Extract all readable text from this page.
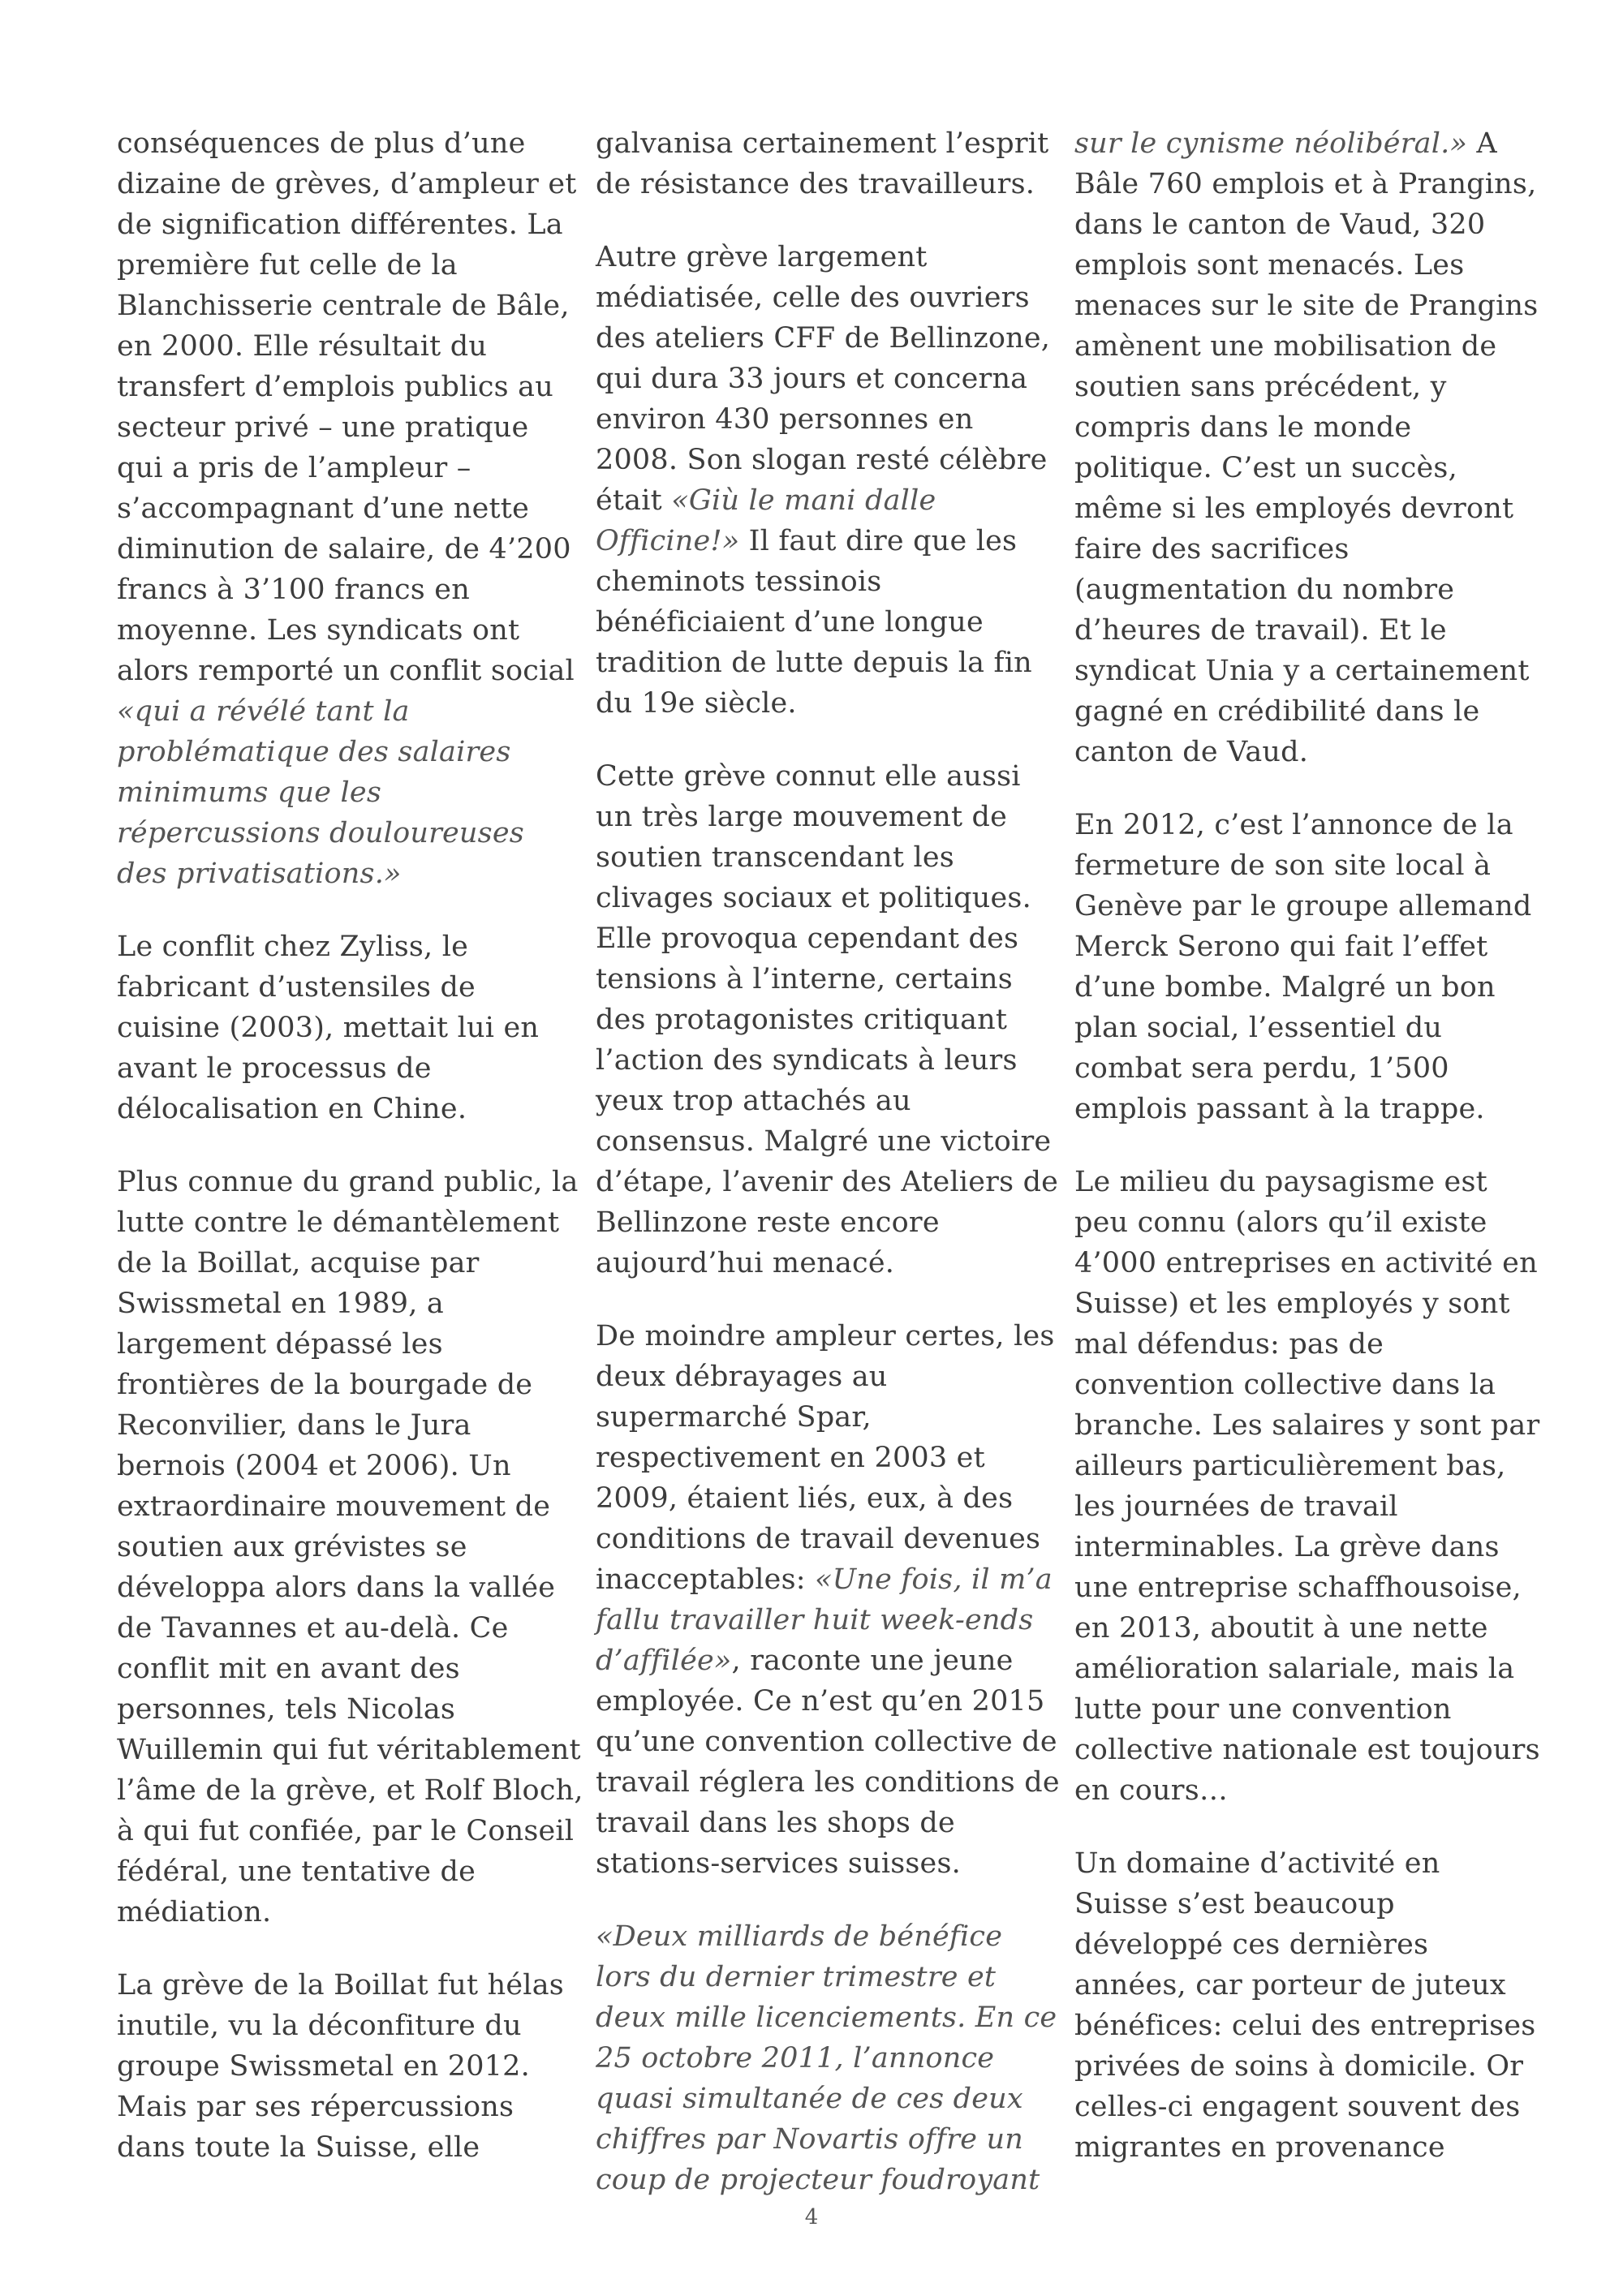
conséquences de plus d’une
dizaine de grèves, d’ampleur et
de signification différentes. La
première fut celle de la
Blanchisserie centrale de Bâle,
en 2000. Elle résultait du
transfert d’emplois publics au
secteur privé – une pratique
qui a pris de l’ampleur –
s’accompagnant d’une nette
diminution de salaire, de 4’200
francs à 3’100 francs en
moyenne. Les syndicats ont
alors remporté un conflit social
«qui a révélé tant la
problématique des salaires
minimums que les
répercussions douloureuses
des privatisations.»

Le conflit chez Zyliss, le
fabricant d’ustensiles de
cuisine (2003), mettait lui en
avant le processus de
délocalisation en Chine.

Plus connue du grand public, la
lutte contre le démantèlement
de la Boillat, acquise par
Swissmetal en 1989, a
largement dépassé les
frontières de la bourgade de
Reconvilier, dans le Jura
bernois (2004 et 2006). Un
extraordinaire mouvement de
soutien aux grévistes se
développa alors dans la vallée
de Tavannes et au-delà. Ce
conflit mit en avant des
personnes, tels Nicolas
Wuillemin qui fut véritablement
l’âme de la grève, et Rolf Bloch,
à qui fut confiée, par le Conseil
fédéral, une tentative de
médiation.

La grève de la Boillat fut hélas
inutile, vu la déconfiture du
groupe Swissmetal en 2012.
Mais par ses répercussions
dans toute la Suisse, elle

galvanisa certainement l’esprit
de résistance des travailleurs.

Autre grève largement
médiatisée, celle des ouvriers
des ateliers CFF de Bellinzone,
qui dura 33 jours et concerna
environ 430 personnes en
2008. Son slogan resté célèbre
était «Giù le mani dalle
Officine!» Il faut dire que les
cheminots tessinois
bénéficiaient d’une longue
tradition de lutte depuis la fin
du 19e siècle.

Cette grève connut elle aussi
un très large mouvement de
soutien transcendant les
clivages sociaux et politiques.
Elle provoqua cependant des
tensions à l’interne, certains
des protagonistes critiquant
l’action des syndicats à leurs
yeux trop attachés au
consensus. Malgré une victoire
d’étape, l’avenir des Ateliers de
Bellinzone reste encore
aujourd’hui menacé.

De moindre ampleur certes, les
deux débrayages au
supermarché Spar,
respectivement en 2003 et
2009, étaient liés, eux, à des
conditions de travail devenues
inacceptables: «Une fois, il m’a
fallu travailler huit week-ends
d’affilée», raconte une jeune
employée. Ce n’est qu’en 2015
qu’une convention collective de
travail réglera les conditions de
travail dans les shops de
stations-services suisses.

«Deux milliards de bénéfice
lors du dernier trimestre et
deux mille licenciements. En ce
25 octobre 2011, l’annonce
quasi simultanée de ces deux
chiffres par Novartis offre un
coup de projecteur foudroyant

sur le cynisme néolibéral.» A
Bâle 760 emplois et à Prangins,
dans le canton de Vaud, 320
emplois sont menacés. Les
menaces sur le site de Prangins
amènent une mobilisation de
soutien sans précédent, y
compris dans le monde
politique. C’est un succès,
même si les employés devront
faire des sacrifices
(augmentation du nombre
d’heures de travail). Et le
syndicat Unia y a certainement
gagné en crédibilité dans le
canton de Vaud.

En 2012, c’est l’annonce de la
fermeture de son site local à
Genève par le groupe allemand
Merck Serono qui fait l’effet
d’une bombe. Malgré un bon
plan social, l’essentiel du
combat sera perdu, 1’500
emplois passant à la trappe.

Le milieu du paysagisme est
peu connu (alors qu’il existe
4’000 entreprises en activité en
Suisse) et les employés y sont
mal défendus: pas de
convention collective dans la
branche. Les salaires y sont par
ailleurs particulièrement bas,
les journées de travail
interminables. La grève dans
une entreprise schaffhousoise,
en 2013, aboutit à une nette
amélioration salariale, mais la
lutte pour une convention
collective nationale est toujours
en cours…

Un domaine d’activité en
Suisse s’est beaucoup
développé ces dernières
années, car porteur de juteux
bénéfices: celui des entreprises
privées de soins à domicile. Or
celles-ci engagent souvent des
migrantes en provenance

4
